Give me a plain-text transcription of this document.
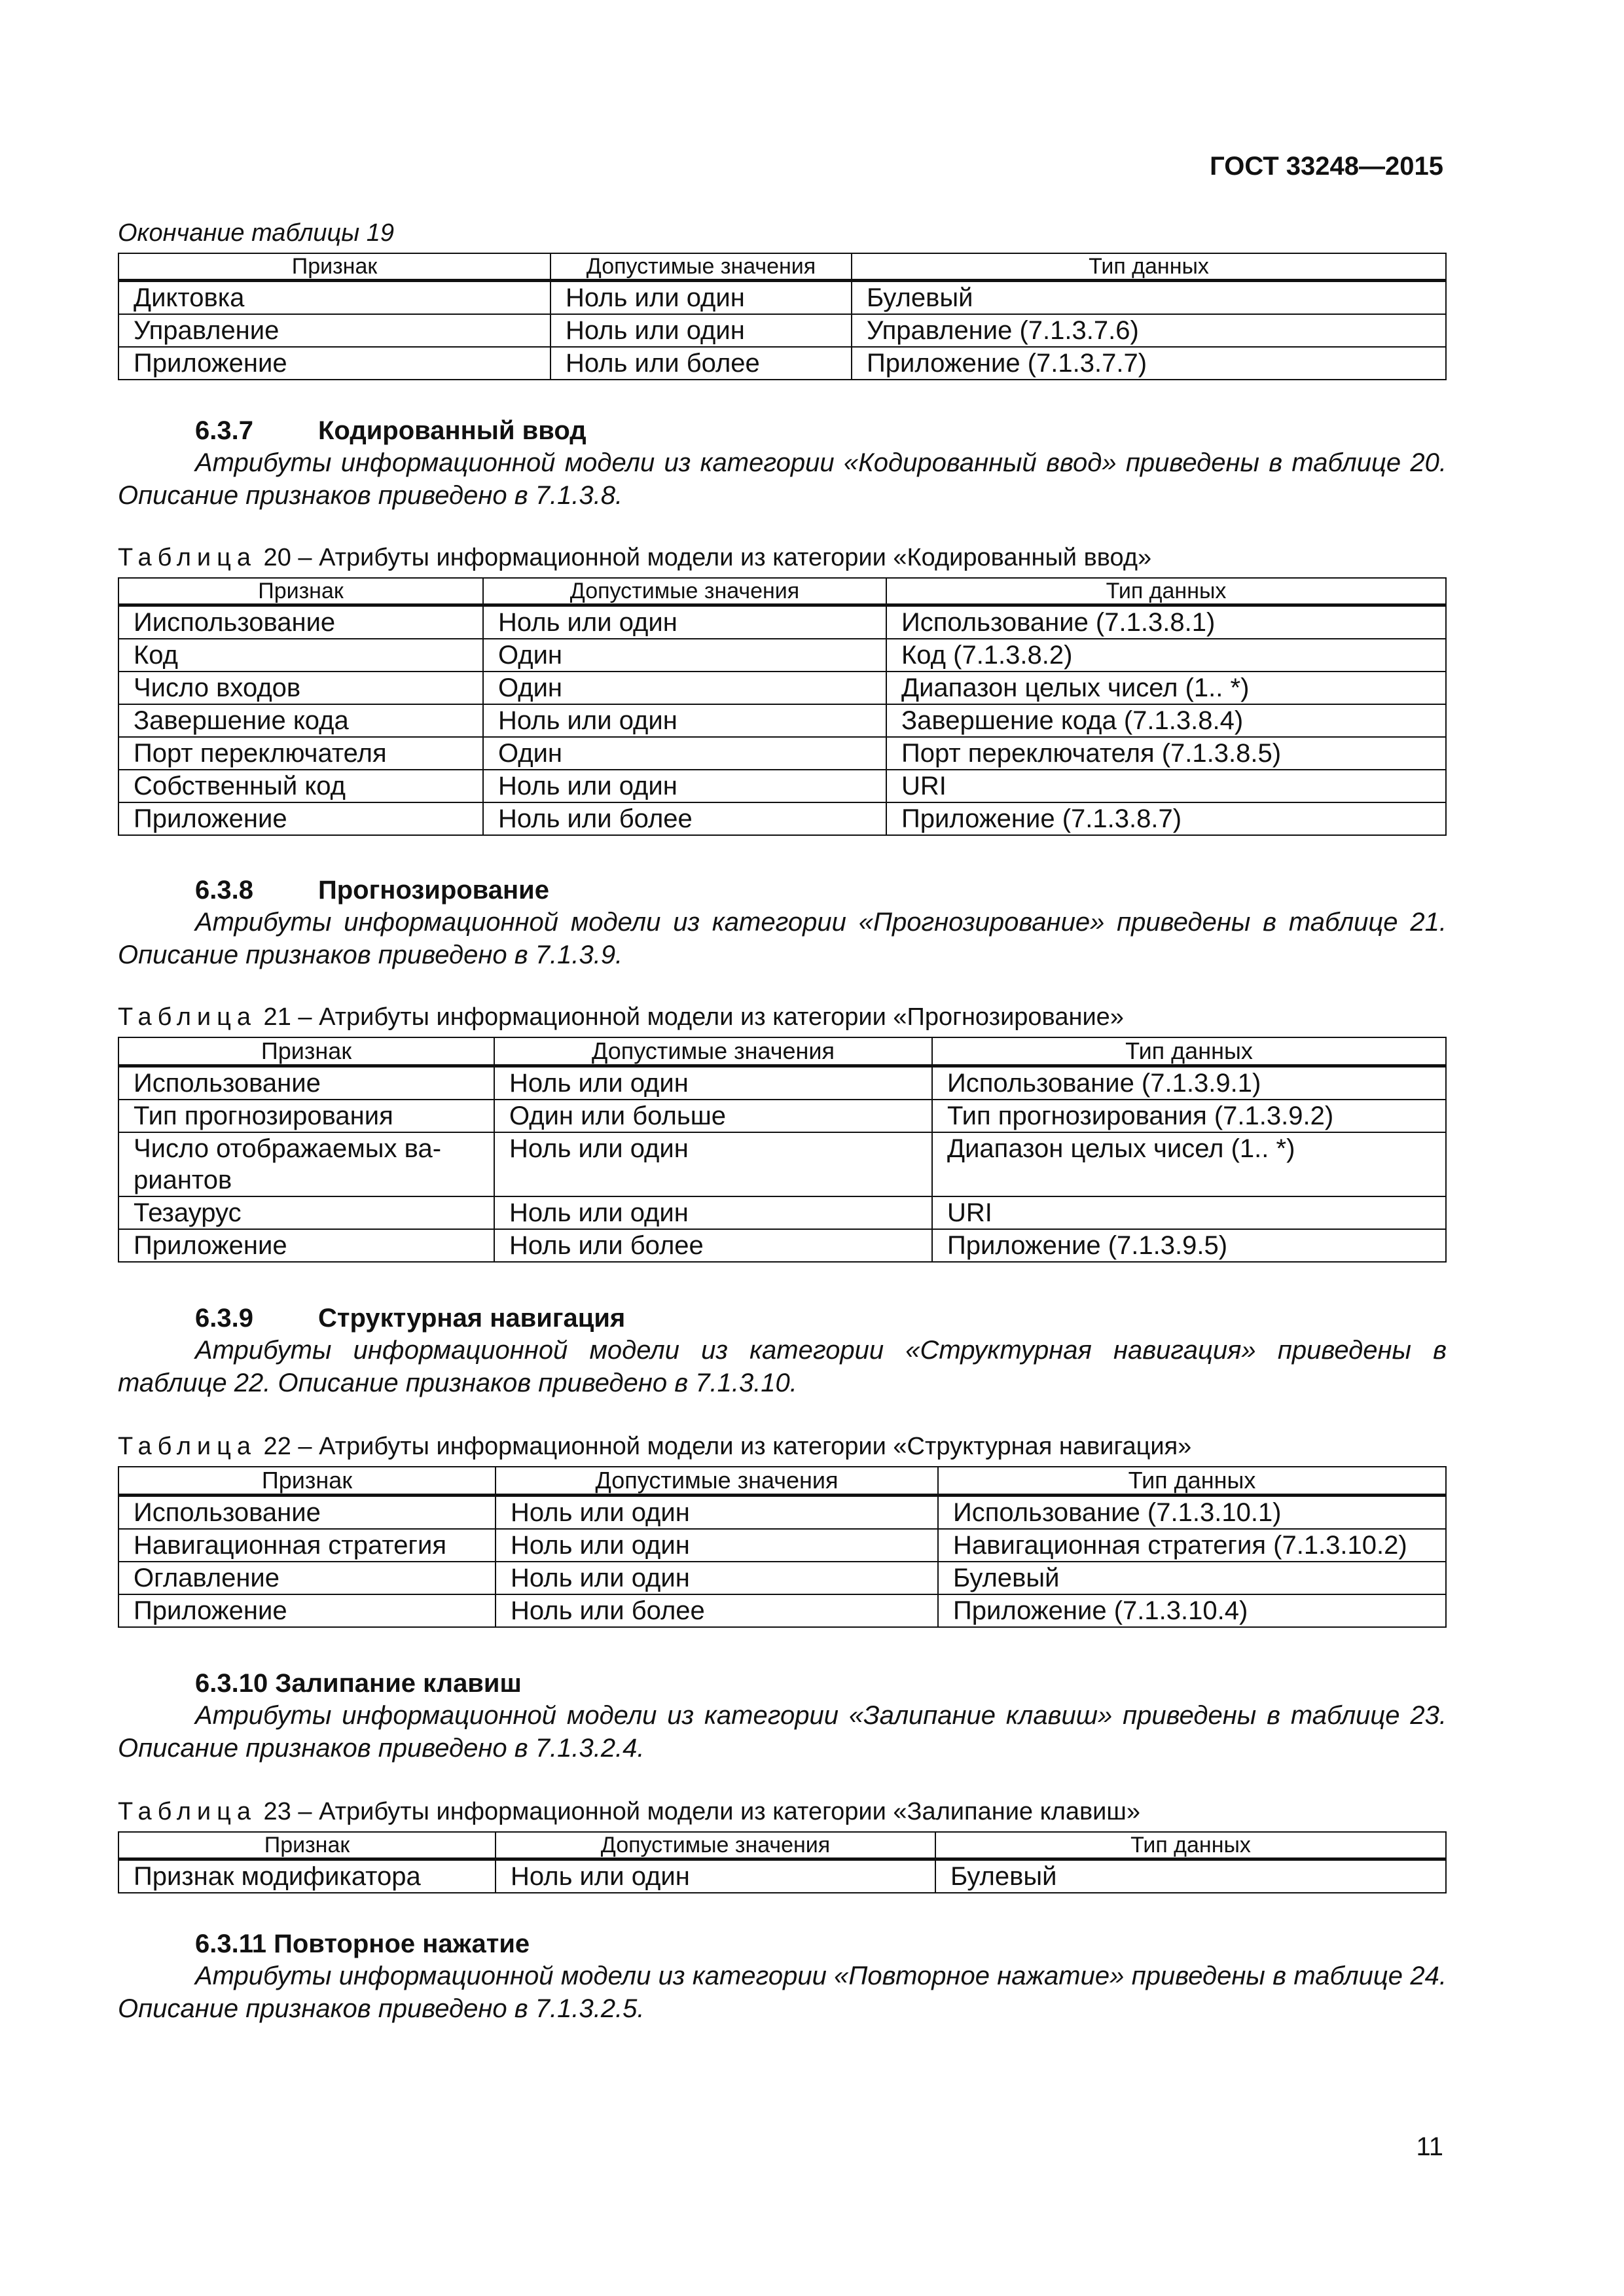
ГОСТ 33248—2015
Окончание таблицы 19
Признак	Допустимые значения	Тип данных
Диктовка	Ноль или один	Булевый
Управление	Ноль или один	Управление (7.1.3.7.6)
Приложение	Ноль или более	Приложение (7.1.3.7.7)

6.3.7 Кодированный ввод

Атрибуты информационной модели из категории «Кодированный ввод» приведены в таблице 20. Описание признаков приведено в 7.1.3.8.

Таблица 20 – Атрибуты информационной модели из категории «Кодированный ввод»
Признак	Допустимые значения	Тип данных
Ииспользование	Ноль или один	Использование (7.1.3.8.1)
Код	Один	Код (7.1.3.8.2)
Число входов	Один	Диапазон целых чисел (1.. *)
Завершение кода	Ноль или один	Завершение кода (7.1.3.8.4)
Порт переключателя	Один	Порт переключателя (7.1.3.8.5)
Собственный код	Ноль или один	URI
Приложение	Ноль или более	Приложение (7.1.3.8.7)

6.3.8 Прогнозирование

Атрибуты информационной модели из категории «Прогнозирование» приведены в таблице 21. Описание признаков приведено в 7.1.3.9.

Таблица 21 – Атрибуты информационной модели из категории «Прогнозирование»
Признак	Допустимые значения	Тип данных
Использование	Ноль или один	Использование (7.1.3.9.1)
Тип прогнозирования	Один или больше	Тип прогнозирования (7.1.3.9.2)
Число отображаемых ва-риантов	Ноль или один	Диапазон целых чисел (1.. *)
Тезаурус	Ноль или один	URI
Приложение	Ноль или более	Приложение (7.1.3.9.5)

6.3.9 Структурная навигация

Атрибуты информационной модели из категории «Структурная навигация» приведены в таблице 22. Описание признаков приведено в 7.1.3.10.

Таблица 22 – Атрибуты информационной модели из категории «Структурная навигация»
Признак	Допустимые значения	Тип данных
Использование	Ноль или один	Использование (7.1.3.10.1)
Навигационная стратегия	Ноль или один	Навигационная стратегия (7.1.3.10.2)
Оглавление	Ноль или один	Булевый
Приложение	Ноль или более	Приложение (7.1.3.10.4)

6.3.10 Залипание клавиш

Атрибуты информационной модели из категории «Залипание клавиш» приведены в таблице 23. Описание признаков приведено в 7.1.3.2.4.

Таблица 23 – Атрибуты информационной модели из категории «Залипание клавиш»
Признак	Допустимые значения	Тип данных
Признак модификатора	Ноль или один	Булевый

6.3.11 Повторное нажатие

Атрибуты информационной модели из категории «Повторное нажатие» приведены в таблице 24. Описание признаков приведено в 7.1.3.2.5.

11
